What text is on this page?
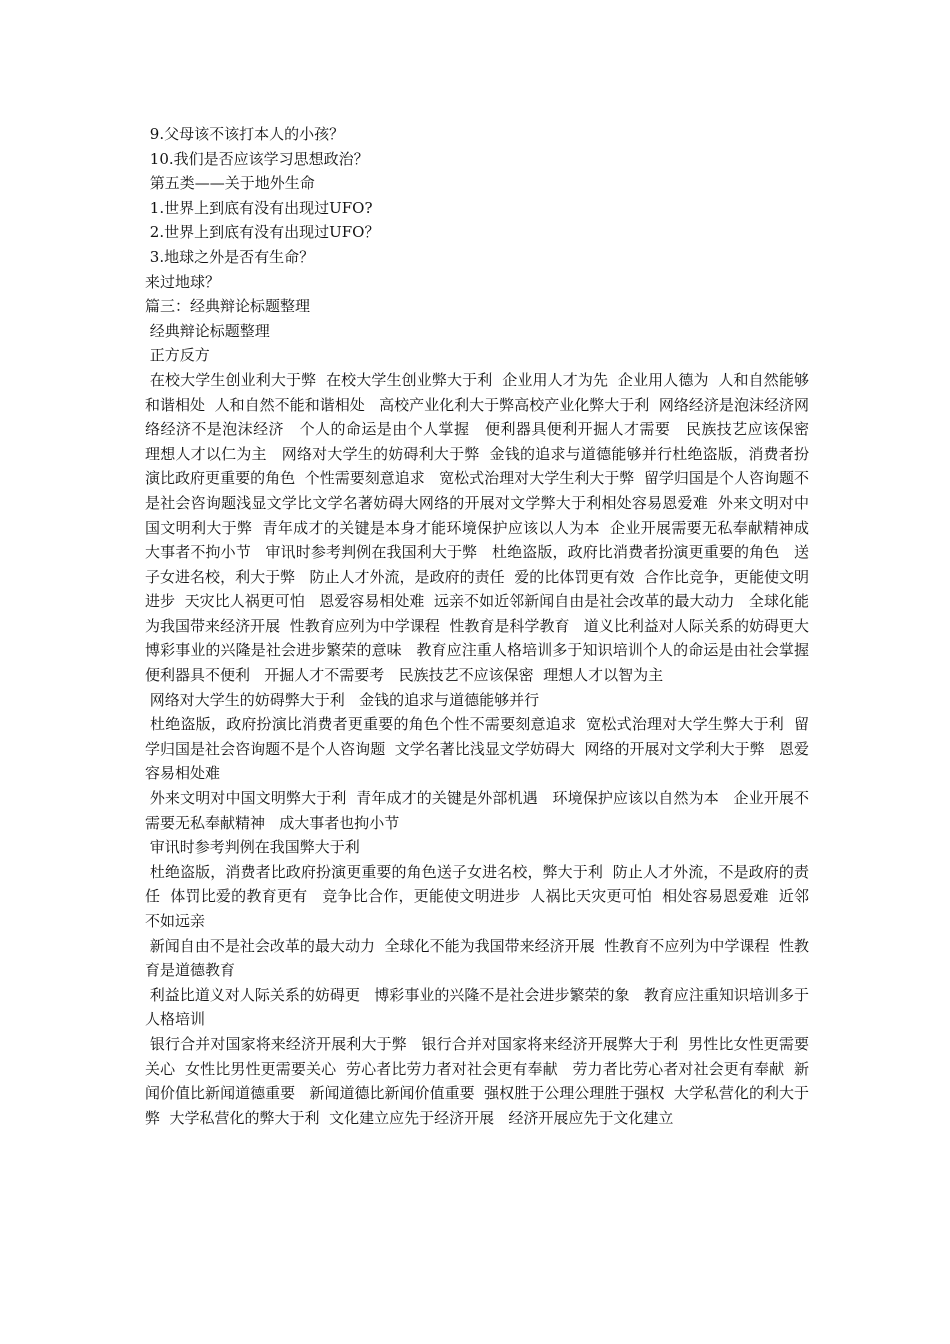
9.父母该不该打本人的小孩？

10.我们是否应该学习思想政治？

第五类——关于地外生命

1.世界上到底有没有出现过UFO?

2.世界上到底有没有出现过UFO？

3.地球之外是否有生命？

来过地球？

篇三：经典辩论标题整理

经典辩论标题整理

正方反方

在校大学生创业利大于弊  在校大学生创业弊大于利  企业用人才为先  企业用人德为  人和自然能够和谐相处  人和自然不能和谐相处   高校产业化利大于弊高校产业化弊大于利  网络经济是泡沫经济网络经济不是泡沫经济   个人的命运是由个人掌握   便利器具便利开掘人才需要   民族技艺应该保密   理想人才以仁为主   网络对大学生的妨碍利大于弊  金钱的追求与道德能够并行杜绝盗版，消费者扮演比政府更重要的角色  个性需要刻意追求   宽松式治理对大学生利大于弊  留学归国是个人咨询题不是社会咨询题浅显文学比文学名著妨碍大网络的开展对文学弊大于利相处容易恩爱难  外来文明对中国文明利大于弊  青年成才的关键是本身才能环境保护应该以人为本  企业开展需要无私奉献精神成大事者不拘小节   审讯时参考判例在我国利大于弊   杜绝盗版，政府比消费者扮演更重要的角色   送子女进名校，利大于弊   防止人才外流，是政府的责任  爱的比体罚更有效  合作比竞争，更能使文明进步  天灾比人祸更可怕   恩爱容易相处难  远亲不如近邻新闻自由是社会改革的最大动力   全球化能为我国带来经济开展  性教育应列为中学课程  性教育是科学教育   道义比利益对人际关系的妨碍更大博彩事业的兴隆是社会进步繁荣的意味   教育应注重人格培训多于知识培训个人的命运是由社会掌握   便利器具不便利   开掘人才不需要考   民族技艺不应该保密  理想人才以智为主

网络对大学生的妨碍弊大于利   金钱的追求与道德能够并行

杜绝盗版，政府扮演比消费者更重要的角色个性不需要刻意追求  宽松式治理对大学生弊大于利  留学归国是社会咨询题不是个人咨询题  文学名著比浅显文学妨碍大  网络的开展对文学利大于弊   恩爱容易相处难

外来文明对中国文明弊大于利  青年成才的关键是外部机遇   环境保护应该以自然为本   企业开展不需要无私奉献精神   成大事者也拘小节

审讯时参考判例在我国弊大于利

杜绝盗版，消费者比政府扮演更重要的角色送子女进名校，弊大于利  防止人才外流，不是政府的责任  体罚比爱的教育更有   竞争比合作，更能使文明进步  人祸比天灾更可怕  相处容易恩爱难  近邻不如远亲

新闻自由不是社会改革的最大动力  全球化不能为我国带来经济开展  性教育不应列为中学课程  性教育是道德教育

利益比道义对人际关系的妨碍更   博彩事业的兴隆不是社会进步繁荣的象   教育应注重知识培训多于人格培训

银行合并对国家将来经济开展利大于弊   银行合并对国家将来经济开展弊大于利  男性比女性更需要关心  女性比男性更需要关心  劳心者比劳力者对社会更有奉献   劳力者比劳心者对社会更有奉献  新闻价值比新闻道德重要   新闻道德比新闻价值重要  强权胜于公理公理胜于强权  大学私营化的利大于弊  大学私营化的弊大于利  文化建立应先于经济开展   经济开展应先于文化建立
